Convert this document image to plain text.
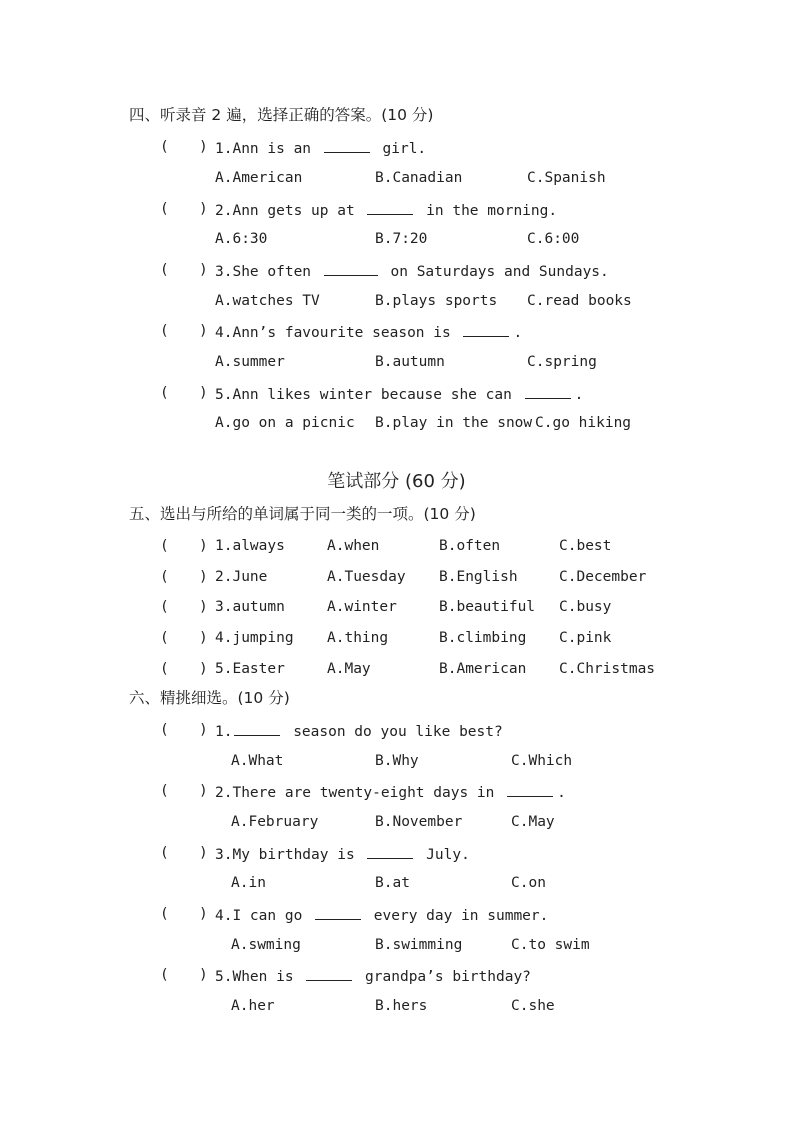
四、听录音 2 遍，选择正确的答案。(10 分)
( ) 1.Ann is an	girl.
A.American	B.Canadian	C.Spanish
( ) 2.Ann gets up at	in the morning.
A.6:30	B.7:20	C.6:00
( ) 3.She often	on Saturdays and Sundays.
A.watches TV	B.plays sports C.read books
( ) 4.Ann’s favourite season is	.
A.summer	B.autumn	C.spring
( ) 5.Ann likes winter because she can	.
A.go on a picnic B.play in the snow C.go hiking
笔试部分 (60 分)
五、选出与所给的单词属于同一类的一项。(10 分)
( ) 1.always	A.when	B.often	C.best
( ) 2.June	A.Tuesday B.English	C.December
( ) 3.autumn	A.winter	B.beautiful C.busy
( ) 4.jumping A.thing	B.climbing C.pink
( ) 5.Easter	A.May	B.American C.Christmas
六、精挑细选。(10 分)
( ) 1.	season do you like best?
A.What	B.Why	C.Which
( ) 2.There are twenty-eight days in	.
A.February	B.November	C.May
( ) 3.My birthday is	July.
A.in	B.at	C.on
( ) 4.I can go	every day in summer.
A.swming	B.swimming	C.to swim
( ) 5.When is	grandpa’s birthday?
A.her	B.hers	C.she
